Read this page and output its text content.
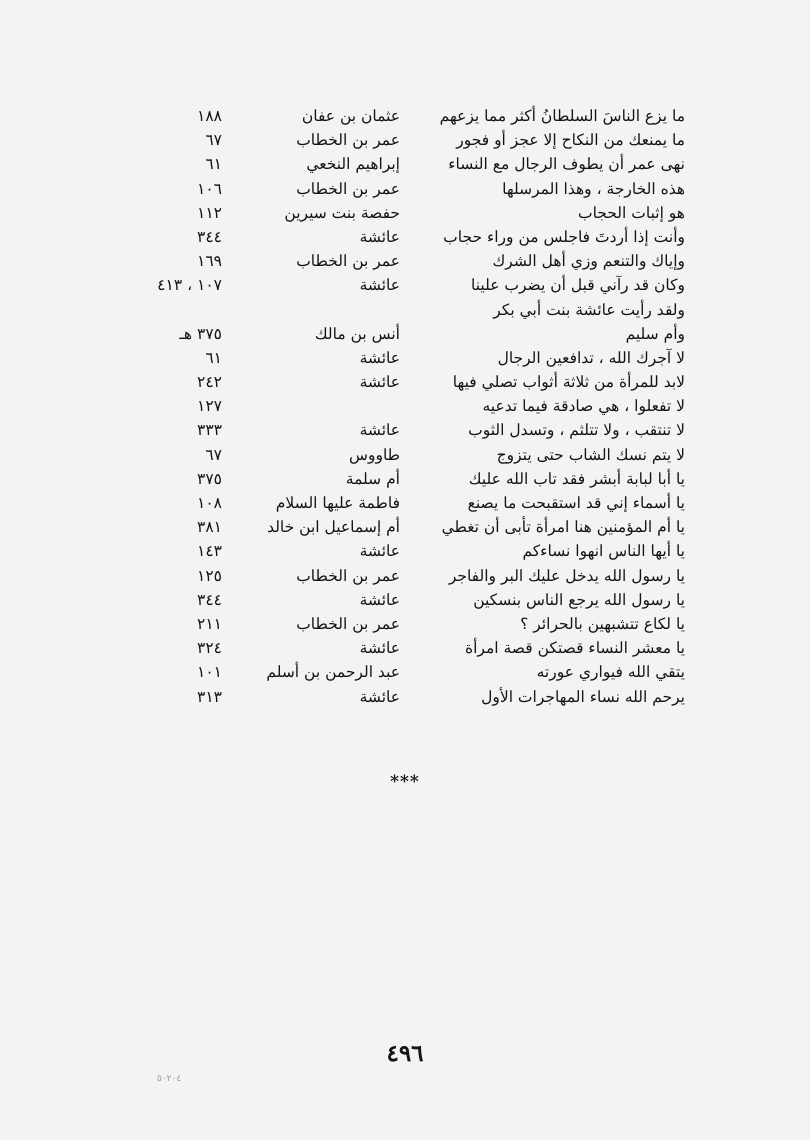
ما يزع الناسَ السلطانُ أكثر مما يزعهم
عثمان بن عفان
١٨٨
ما يمنعك من النكاح إلا عجز أو فجور
عمر بن الخطاب
٦٧
نهى عمر أن يطوف الرجال مع النساء
إبراهيم النخعي
٦١
هذه الخارجة ، وهذا المرسلها
عمر بن الخطاب
١٠٦
هو إثبات الحجاب
حفصة بنت سيرين
١١٢
وأنت إذا أردتَ فاجلس من وراء حجاب
عائشة
٣٤٤
وإياك والتنعم وزي أهل الشرك
عمر بن الخطاب
١٦٩
وكان قد رآني قبل أن يضرب علينا
عائشة
١٠٧ ، ٤١٣
ولقد رأيت عائشة بنت أبي بكر
وأم سليم
أنس بن مالك
٣٧٥ هـ
لا آجرك الله ، تدافعين الرجال
عائشة
٦١
لابد للمرأة من ثلاثة أثواب تصلي فيها
عائشة
٢٤٢
لا تفعلوا ، هي صادقة فيما تدعيه
١٢٧
لا تنتقب ، ولا تتلثم ، وتسدل الثوب
عائشة
٣٣٣
لا يتم نسك الشاب حتى يتزوج
طاووس
٦٧
يا أبا لبابة أبشر فقد تاب الله عليك
أم سلمة
٣٧٥
يا أسماء إني قد استقبحت ما يصنع
فاطمة عليها السلام
١٠٨
يا أم المؤمنين هنا امرأة تأبى أن تغطي
أم إسماعيل ابن خالد
٣٨١
يا أيها الناس انهوا نساءكم
عائشة
١٤٣
يا رسول الله يدخل عليك البر والفاجر
عمر بن الخطاب
١٢٥
يا رسول الله يرجع الناس بنسكين
عائشة
٣٤٤
يا لكاع تتشبهين بالحرائر ؟
عمر بن الخطاب
٢١١
يا معشر النساء قصتكن قصة امرأة
عائشة
٣٢٤
يتقي الله فيواري عورته
عبد الرحمن بن أسلم
١٠١
يرحم الله نساء المهاجرات الأول
عائشة
٣١٣
***
٤٩٦
٥٠٢٠٤
